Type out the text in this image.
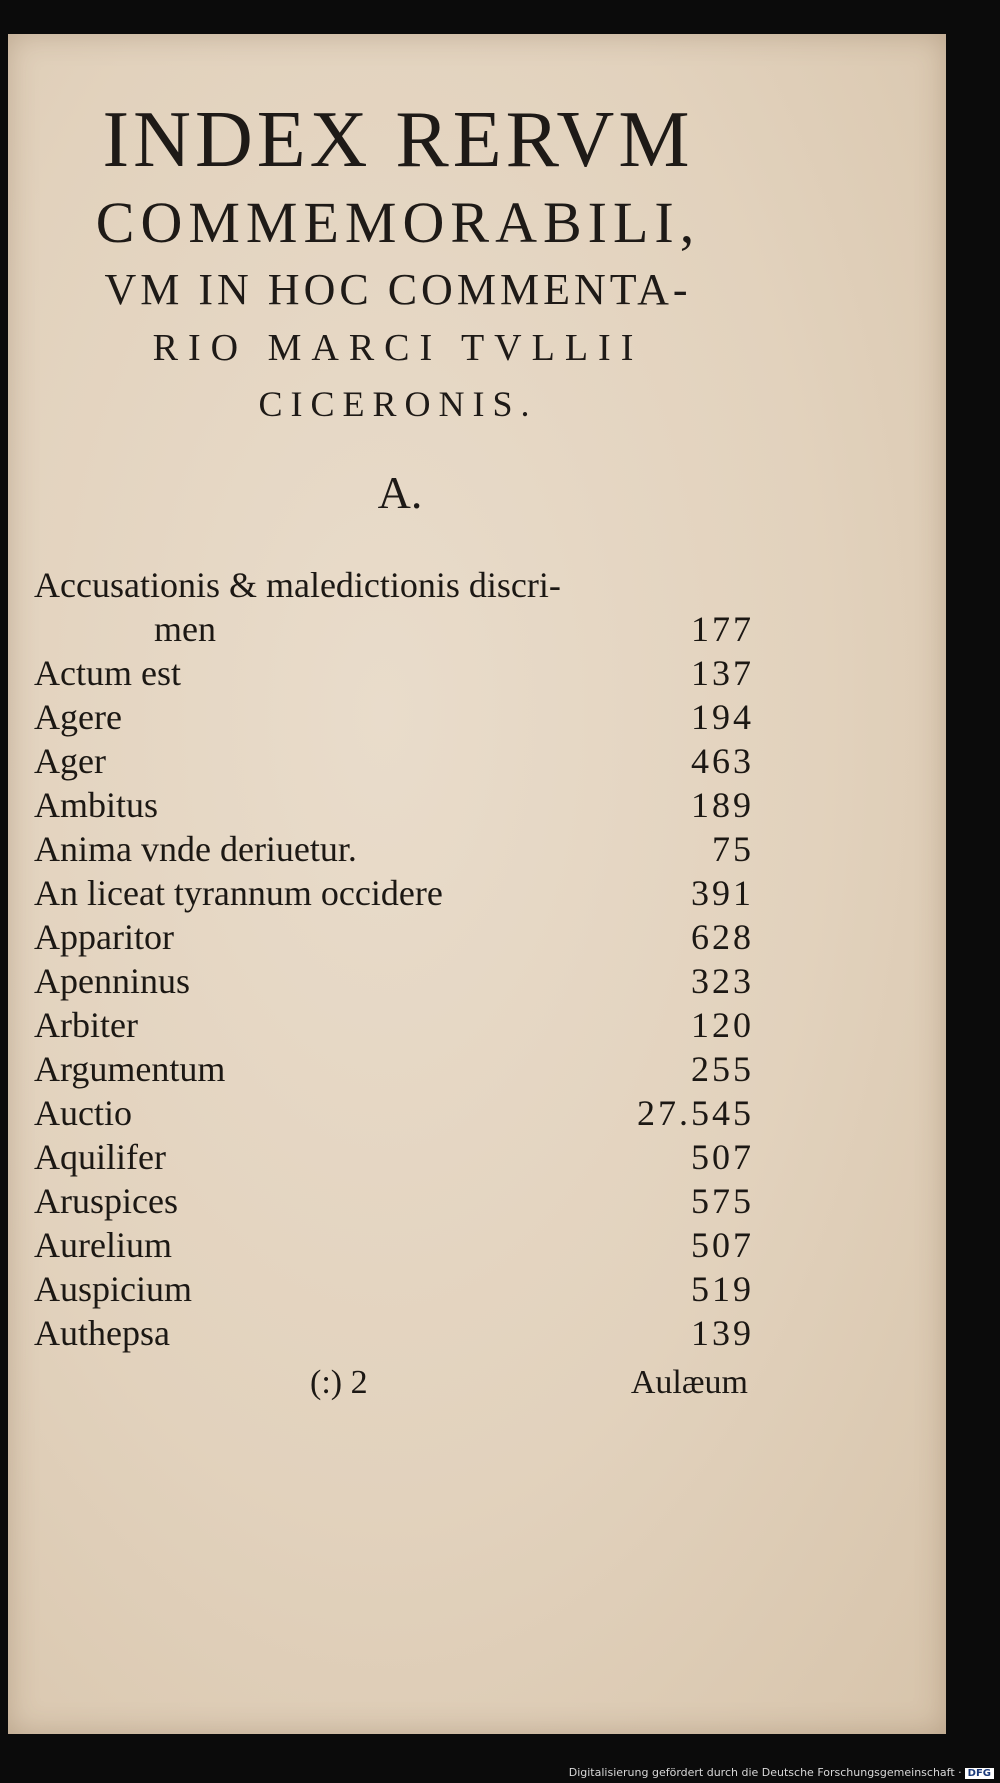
INDEX RERVM
COMMEMORABILI,
VM IN HOC COMMENTA-
RIO MARCI TVLLII
CICERONIS.
A.
Accusationis & maledictionis discri-
men	177
Actum est	137
Agere	194
Ager	463
Ambitus	189
Anima vnde deriuetur.	75
An liceat tyrannum occidere	391
Apparitor	628
Apenninus	323
Arbiter	120
Argumentum	255
Auctio	27.545
Aquilifer	507
Aruspices	575
Aurelium	507
Auspicium	519
Authepsa	139
(:) 2	Aulæum
Digitalisierung gefördert durch die Deutsche Forschungsgemeinschaft · DFG
